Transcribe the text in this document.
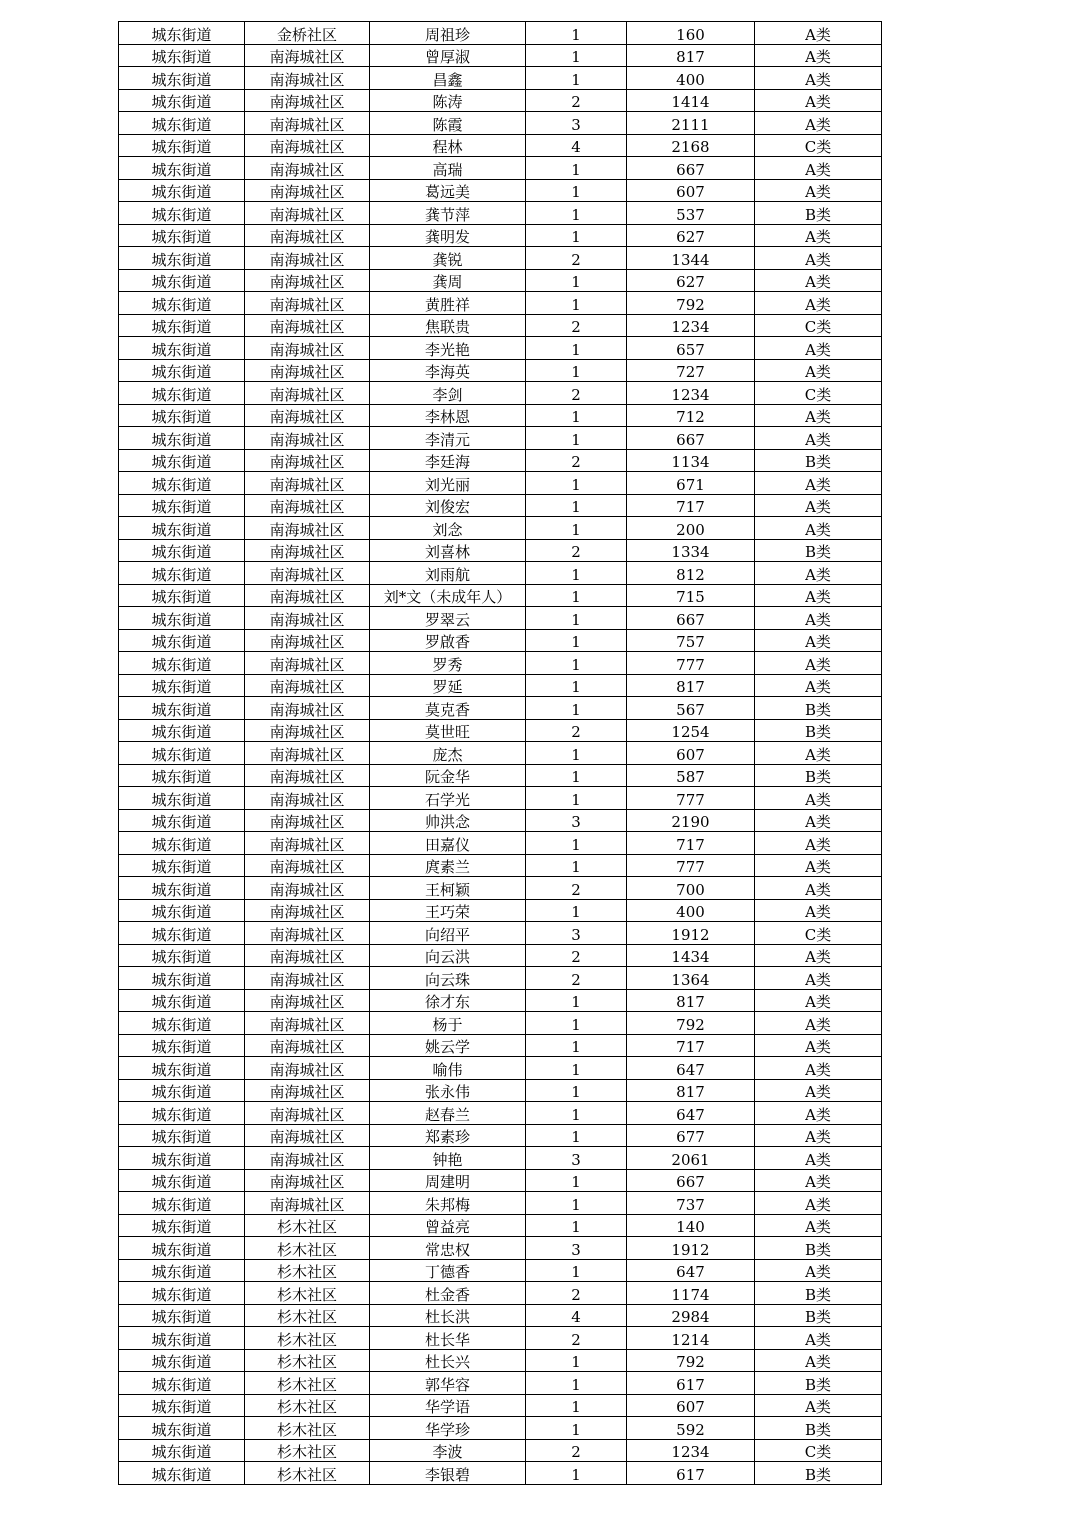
城东街道	金桥社区	周祖珍	1	160	A类
城东街道	南海城社区	曾厚淑	1	817	A类
城东街道	南海城社区	昌鑫	1	400	A类
城东街道	南海城社区	陈涛	2	1414	A类
城东街道	南海城社区	陈霞	3	2111	A类
城东街道	南海城社区	程林	4	2168	C类
城东街道	南海城社区	高瑞	1	667	A类
城东街道	南海城社区	葛远美	1	607	A类
城东街道	南海城社区	龚节萍	1	537	B类
城东街道	南海城社区	龚明发	1	627	A类
城东街道	南海城社区	龚锐	2	1344	A类
城东街道	南海城社区	龚周	1	627	A类
城东街道	南海城社区	黄胜祥	1	792	A类
城东街道	南海城社区	焦联贵	2	1234	C类
城东街道	南海城社区	李光艳	1	657	A类
城东街道	南海城社区	李海英	1	727	A类
城东街道	南海城社区	李剑	2	1234	C类
城东街道	南海城社区	李林恩	1	712	A类
城东街道	南海城社区	李清元	1	667	A类
城东街道	南海城社区	李廷海	2	1134	B类
城东街道	南海城社区	刘光丽	1	671	A类
城东街道	南海城社区	刘俊宏	1	717	A类
城东街道	南海城社区	刘念	1	200	A类
城东街道	南海城社区	刘喜林	2	1334	B类
城东街道	南海城社区	刘雨航	1	812	A类
城东街道	南海城社区	刘*文（未成年人）	1	715	A类
城东街道	南海城社区	罗翠云	1	667	A类
城东街道	南海城社区	罗啟香	1	757	A类
城东街道	南海城社区	罗秀	1	777	A类
城东街道	南海城社区	罗延	1	817	A类
城东街道	南海城社区	莫克香	1	567	B类
城东街道	南海城社区	莫世旺	2	1254	B类
城东街道	南海城社区	庞杰	1	607	A类
城东街道	南海城社区	阮金华	1	587	B类
城东街道	南海城社区	石学光	1	777	A类
城东街道	南海城社区	帅洪念	3	2190	A类
城东街道	南海城社区	田嘉仪	1	717	A类
城东街道	南海城社区	庹素兰	1	777	A类
城东街道	南海城社区	王柯颖	2	700	A类
城东街道	南海城社区	王巧荣	1	400	A类
城东街道	南海城社区	向绍平	3	1912	C类
城东街道	南海城社区	向云洪	2	1434	A类
城东街道	南海城社区	向云珠	2	1364	A类
城东街道	南海城社区	徐才东	1	817	A类
城东街道	南海城社区	杨于	1	792	A类
城东街道	南海城社区	姚云学	1	717	A类
城东街道	南海城社区	喻伟	1	647	A类
城东街道	南海城社区	张永伟	1	817	A类
城东街道	南海城社区	赵春兰	1	647	A类
城东街道	南海城社区	郑素珍	1	677	A类
城东街道	南海城社区	钟艳	3	2061	A类
城东街道	南海城社区	周建明	1	667	A类
城东街道	南海城社区	朱邦梅	1	737	A类
城东街道	杉木社区	曾益亮	1	140	A类
城东街道	杉木社区	常忠权	3	1912	B类
城东街道	杉木社区	丁德香	1	647	A类
城东街道	杉木社区	杜金香	2	1174	B类
城东街道	杉木社区	杜长洪	4	2984	B类
城东街道	杉木社区	杜长华	2	1214	A类
城东街道	杉木社区	杜长兴	1	792	A类
城东街道	杉木社区	郭华容	1	617	B类
城东街道	杉木社区	华学语	1	607	A类
城东街道	杉木社区	华学珍	1	592	B类
城东街道	杉木社区	李波	2	1234	C类
城东街道	杉木社区	李银碧	1	617	B类
